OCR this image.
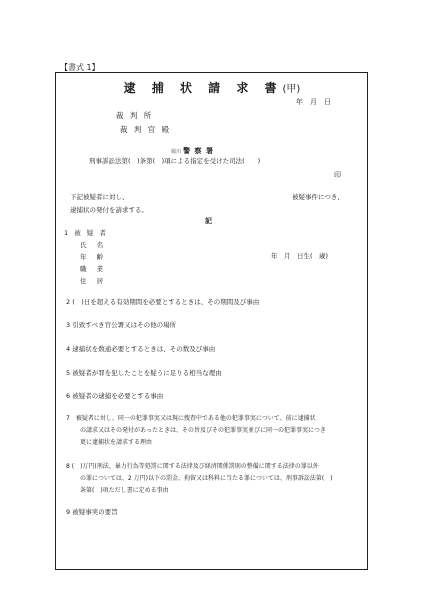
【書式 1】
逮 捕 状 請 求 書(甲)
年　月　日
裁 判 所
裁 判 官 殿
堀川 警 察 署
刑事訴訟法第(　)条第(　)項による指定を受けた司法(　　)
印
下記被疑者に対し、	被疑事件につき、
逮捕状の発付を請求する。
記
1 被 疑 者
氏 名
年 齢	年　月　日生(　歳)
職 業
住 居
2 (　)日を超える有効期間を必要とするときは、その期間及び事由
3 引致すべき官公署又はその他の場所
4 逮捕状を数通必要とするときは、その数及び事由
5 被疑者が罪を犯したことを疑うに足りる相当な理由
6 被疑者の逮捕を必要とする事由
7　被疑者に対し、同一の犯罪事実又は現に捜査中である他の犯罪事実について、前に逮捕状
の請求又はその発付があったときは、その旨及びその犯罪事実並びに同一の犯罪事実につき
更に逮捕状を請求する理由
8 (　)万円(刑法、暴力行為等処罰に関する法律及び経済関係罰則の整備に関する法律の罪以外
の罪については、2 万円)以下の罰金、拘留又は科料に当たる罪については、刑事訴訟法第(　)
条第(　)項ただし書に定める事由
9 被疑事実の要旨
